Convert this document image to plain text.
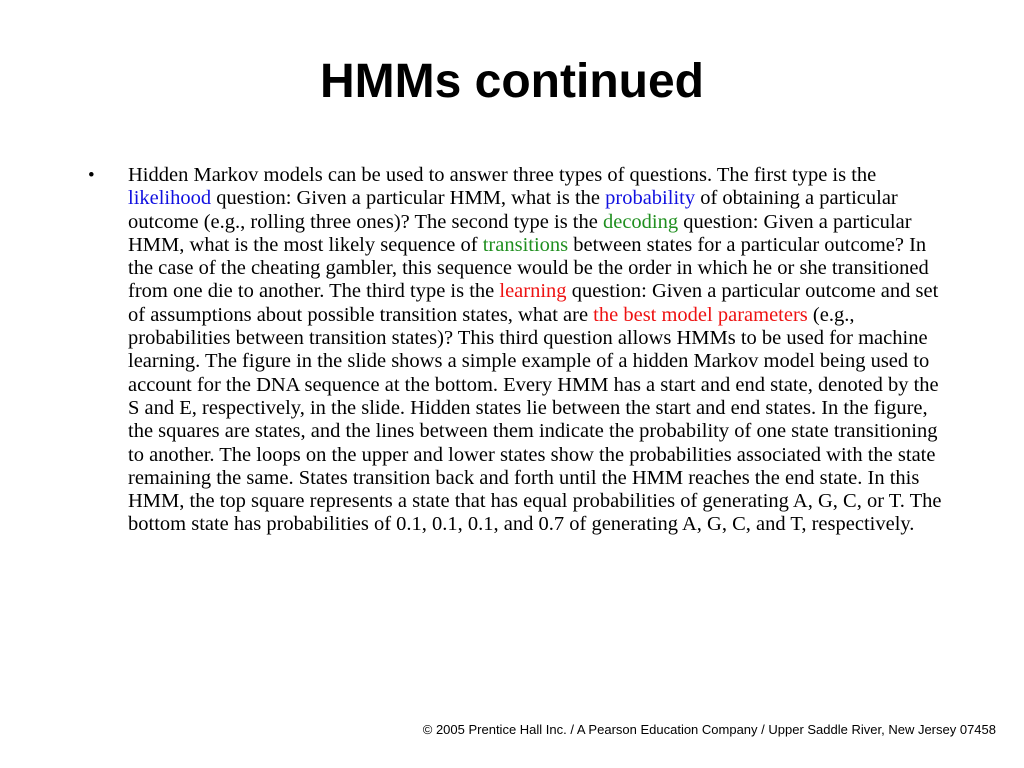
HMMs continued
•	Hidden Markov models can be used to answer three types of questions. The first type is the likelihood question: Given a particular HMM, what is the probability of obtaining a particular outcome (e.g., rolling three ones)? The second type is the decoding question: Given a particular HMM, what is the most likely sequence of transitions between states for a particular outcome? In the case of the cheating gambler, this sequence would be the order in which he or she transitioned from one die to another. The third type is the learning question: Given a particular outcome and set of assumptions about possible transition states, what are the best model parameters (e.g., probabilities between transition states)? This third question allows HMMs to be used for machine learning. The figure in the slide shows a simple example of a hidden Markov model being used to account for the DNA sequence at the bottom. Every HMM has a start and end state, denoted by the S and E, respectively, in the slide. Hidden states lie between the start and end states. In the figure, the squares are states, and the lines between them indicate the probability of one state transitioning to another. The loops on the upper and lower states show the probabilities associated with the state remaining the same. States transition back and forth until the HMM reaches the end state. In this HMM, the top square represents a state that has equal probabilities of generating A, G, C, or T. The bottom state has probabilities of 0.1, 0.1, 0.1, and 0.7 of generating A, G, C, and T, respectively.

© 2005 Prentice Hall Inc. / A Pearson Education Company / Upper Saddle River, New Jersey 07458
